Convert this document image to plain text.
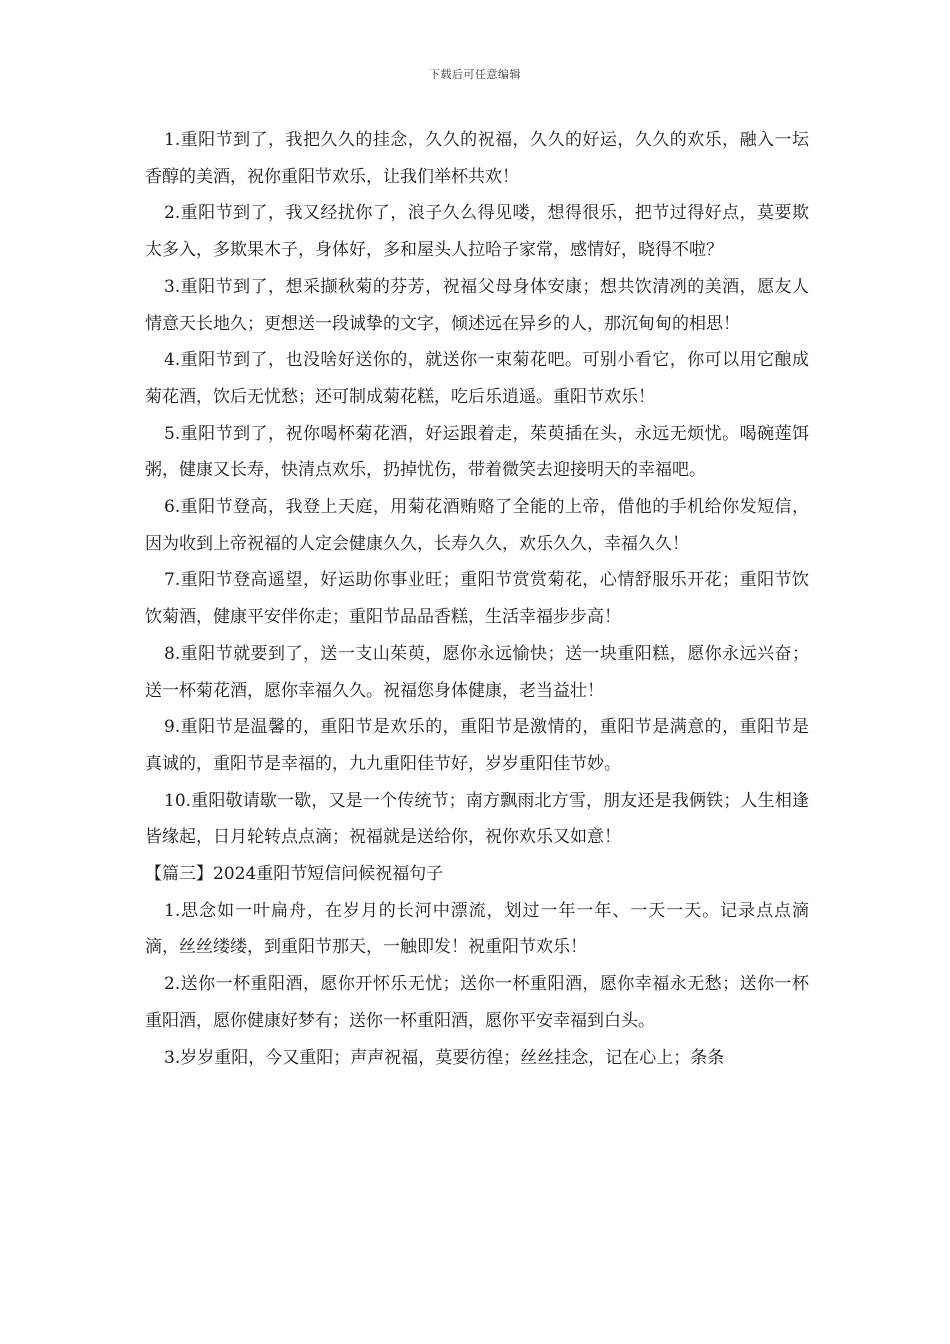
下载后可任意编辑

1.重阳节到了，我把久久的挂念，久久的祝福，久久的好运，久久的欢乐，融入一坛香醇的美酒，祝你重阳节欢乐，让我们举杯共欢！

2.重阳节到了，我又经扰你了，浪子久么得见喽，想得很乐，把节过得好点，莫要欺太多入，多欺果木子，身体好，多和屋头人拉哈子家常，感情好，晓得不啦？

3.重阳节到了，想采撷秋菊的芬芳，祝福父母身体安康；想共饮清冽的美酒，愿友人情意天长地久；更想送一段诚挚的文字，倾述远在异乡的人，那沉甸甸的相思！

4.重阳节到了，也没啥好送你的，就送你一束菊花吧。可别小看它，你可以用它酿成菊花酒，饮后无忧愁；还可制成菊花糕，吃后乐逍遥。重阳节欢乐！

5.重阳节到了，祝你喝杯菊花酒，好运跟着走，茱萸插在头，永远无烦忧。喝碗莲饵粥，健康又长寿，快清点欢乐，扔掉忧伤，带着微笑去迎接明天的幸福吧。

6.重阳节登高，我登上天庭，用菊花酒贿赂了全能的上帝，借他的手机给你发短信，因为收到上帝祝福的人定会健康久久，长寿久久，欢乐久久，幸福久久！

7.重阳节登高遥望，好运助你事业旺；重阳节赏赏菊花，心情舒服乐开花；重阳节饮饮菊酒，健康平安伴你走；重阳节品品香糕，生活幸福步步高！

8.重阳节就要到了，送一支山茱萸，愿你永远愉快；送一块重阳糕，愿你永远兴奋；送一杯菊花酒，愿你幸福久久。祝福您身体健康，老当益壮！

9.重阳节是温馨的，重阳节是欢乐的，重阳节是激情的，重阳节是满意的，重阳节是真诚的，重阳节是幸福的，九九重阳佳节好，岁岁重阳佳节妙。

10.重阳敬请歇一歇，又是一个传统节；南方飘雨北方雪，朋友还是我俩铁；人生相逢皆缘起，日月轮转点点滴；祝福就是送给你，祝你欢乐又如意！

【篇三】2024重阳节短信问候祝福句子

1.思念如一叶扁舟，在岁月的长河中漂流，划过一年一年、一天一天。记录点点滴滴，丝丝缕缕，到重阳节那天，一触即发！祝重阳节欢乐！

2.送你一杯重阳酒，愿你开怀乐无忧；送你一杯重阳酒，愿你幸福永无愁；送你一杯重阳酒，愿你健康好梦有；送你一杯重阳酒，愿你平安幸福到白头。

3.岁岁重阳，今又重阳；声声祝福，莫要彷徨；丝丝挂念，记在心上；条条
